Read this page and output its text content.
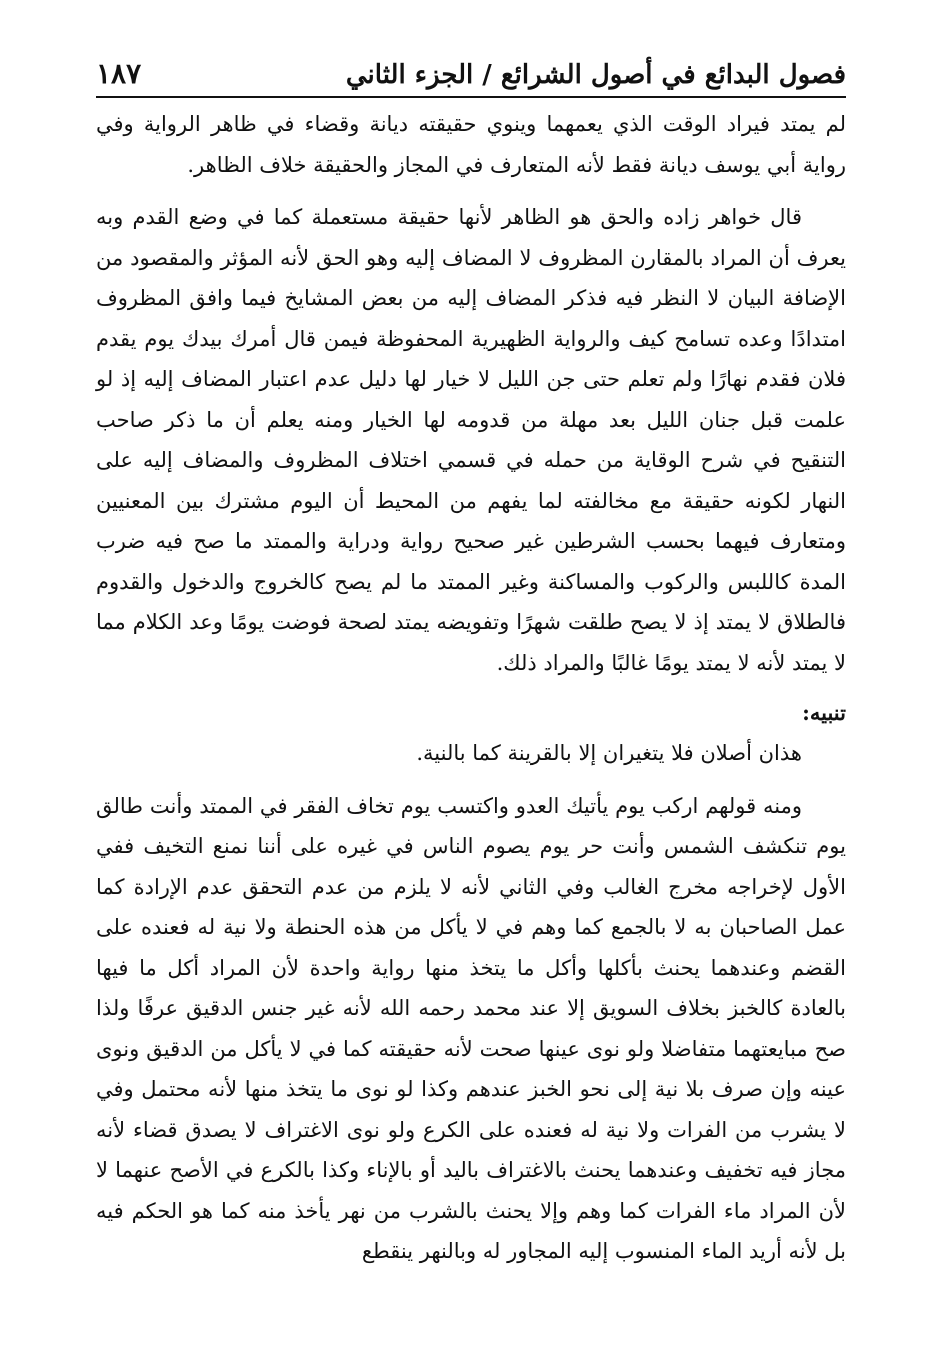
فصول البدائع في أصول الشرائع / الجزء الثاني
١٨٧

لم يمتد فيراد الوقت الذي يعمهما وينوي حقيقته ديانة وقضاء في ظاهر الرواية وفي رواية أبي يوسف ديانة فقط لأنه المتعارف في المجاز والحقيقة خلاف الظاهر.

قال خواهر زاده والحق هو الظاهر لأنها حقيقة مستعملة كما في وضع القدم وبه يعرف أن المراد بالمقارن المظروف لا المضاف إليه وهو الحق لأنه المؤثر والمقصود من الإضافة البيان لا النظر فيه فذكر المضاف إليه من بعض المشايخ فيما وافق المظروف امتدادًا وعده تسامح كيف والرواية الظهيرية المحفوظة فيمن قال أمرك بيدك يوم يقدم فلان فقدم نهارًا ولم تعلم حتى جن الليل لا خيار لها دليل عدم اعتبار المضاف إليه إذ لو علمت قبل جنان الليل بعد مهلة من قدومه لها الخيار ومنه يعلم أن ما ذكر صاحب التنقيح في شرح الوقاية من حمله في قسمي اختلاف المظروف والمضاف إليه على النهار لكونه حقيقة مع مخالفته لما يفهم من المحيط أن اليوم مشترك بين المعنيين ومتعارف فيهما بحسب الشرطين غير صحيح رواية ودراية والممتد ما صح فيه ضرب المدة كاللبس والركوب والمساكنة وغير الممتد ما لم يصح كالخروج والدخول والقدوم فالطلاق لا يمتد إذ لا يصح طلقت شهرًا وتفويضه يمتد لصحة فوضت يومًا وعد الكلام مما لا يمتد لأنه لا يمتد يومًا غالبًا والمراد ذلك.

تنبيه:

هذان أصلان فلا يتغيران إلا بالقرينة كما بالنية.

ومنه قولهم اركب يوم يأتيك العدو واكتسب يوم تخاف الفقر في الممتد وأنت طالق يوم تنكشف الشمس وأنت حر يوم يصوم الناس في غيره على أننا نمنع التخيف ففي الأول لإخراجه مخرج الغالب وفي الثاني لأنه لا يلزم من عدم التحقق عدم الإرادة كما عمل الصاحبان به لا بالجمع كما وهم في لا يأكل من هذه الحنطة ولا نية له فعنده على القضم وعندهما يحنث بأكلها وأكل ما يتخذ منها رواية واحدة لأن المراد أكل ما فيها بالعادة كالخبز بخلاف السويق إلا عند محمد رحمه الله لأنه غير جنس الدقيق عرفًا ولذا صح مبايعتهما متفاضلا ولو نوى عينها صحت لأنه حقيقته كما في لا يأكل من الدقيق ونوى عينه وإن صرف بلا نية إلى نحو الخبز عندهم وكذا لو نوى ما يتخذ منها لأنه محتمل وفي لا يشرب من الفرات ولا نية له فعنده على الكرع ولو نوى الاغتراف لا يصدق قضاء لأنه مجاز فيه تخفيف وعندهما يحنث بالاغتراف باليد أو بالإناء وكذا بالكرع في الأصح عنهما لا لأن المراد ماء الفرات كما وهم وإلا يحنث بالشرب من نهر يأخذ منه كما هو الحكم فيه بل لأنه أريد الماء المنسوب إليه المجاور له وبالنهر ينقطع
